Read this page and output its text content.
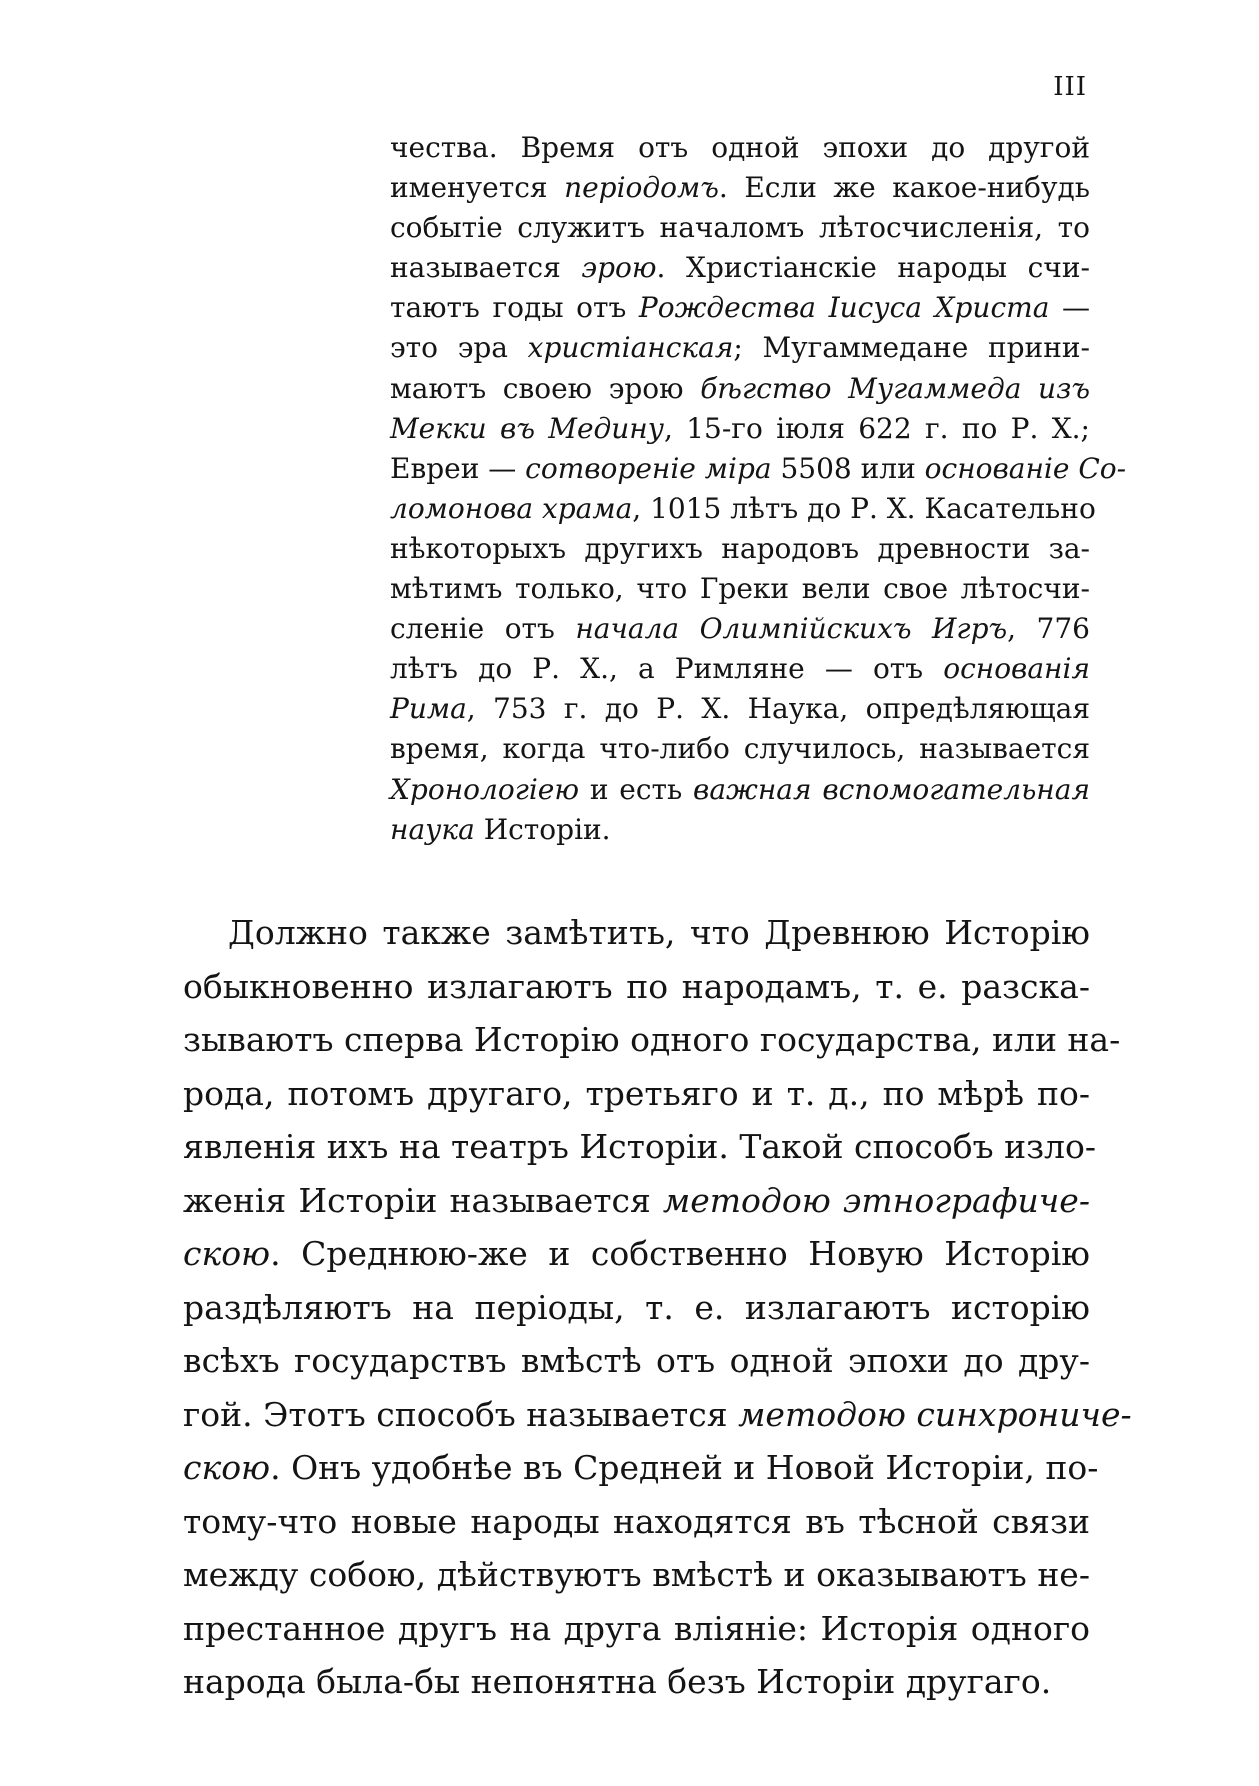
III
чества. Время отъ одной эпохи до другой
именуется періодомъ. Если же какое-нибудь
событіе служитъ началомъ лѣтосчисленія, то
называется эрою. Христіанскіе народы счи-
таютъ годы отъ Рождества Іисуса Христа —
это эра христіанская; Мугаммедане прини-
маютъ своею эрою бѣгство Мугаммеда изъ
Мекки въ Медину, 15-го іюля 622 г. по Р. Х.;
Евреи — сотвореніе міра 5508 или основаніе Со-
ломонова храма, 1015 лѣтъ до Р. Х. Касательно
нѣкоторыхъ другихъ народовъ древности за-
мѣтимъ только, что Греки вели свое лѣтосчи-
сленіе отъ начала Олимпійскихъ Игръ, 776
лѣтъ до Р. Х., а Римляне — отъ основанія
Рима, 753 г. до Р. Х. Наука, опредѣляющая
время, когда что-либо случилось, называется
Хронологіею и есть важная вспомогательная
наука Исторіи.
Должно также замѣтить, что Древнюю Исторію
обыкновенно излагаютъ по народамъ, т. е. разска-
зываютъ сперва Исторію одного государства, или на-
рода, потомъ другаго, третьяго и т. д., по мѣрѣ по-
явленія ихъ на театръ Исторіи. Такой способъ изло-
женія Исторіи называется методою этнографиче-
скою. Среднюю-же и собственно Новую Исторію
раздѣляютъ на періоды, т. е. излагаютъ исторію
всѣхъ государствъ вмѣстѣ отъ одной эпохи до дру-
гой. Этотъ способъ называется методою синхрониче-
скою. Онъ удобнѣе въ Средней и Новой Исторіи, по-
тому-что новые народы находятся въ тѣсной связи
между собою, дѣйствуютъ вмѣстѣ и оказываютъ не-
престанное другъ на друга вліяніе: Исторія одного
народа была-бы непонятна безъ Исторіи другаго.
